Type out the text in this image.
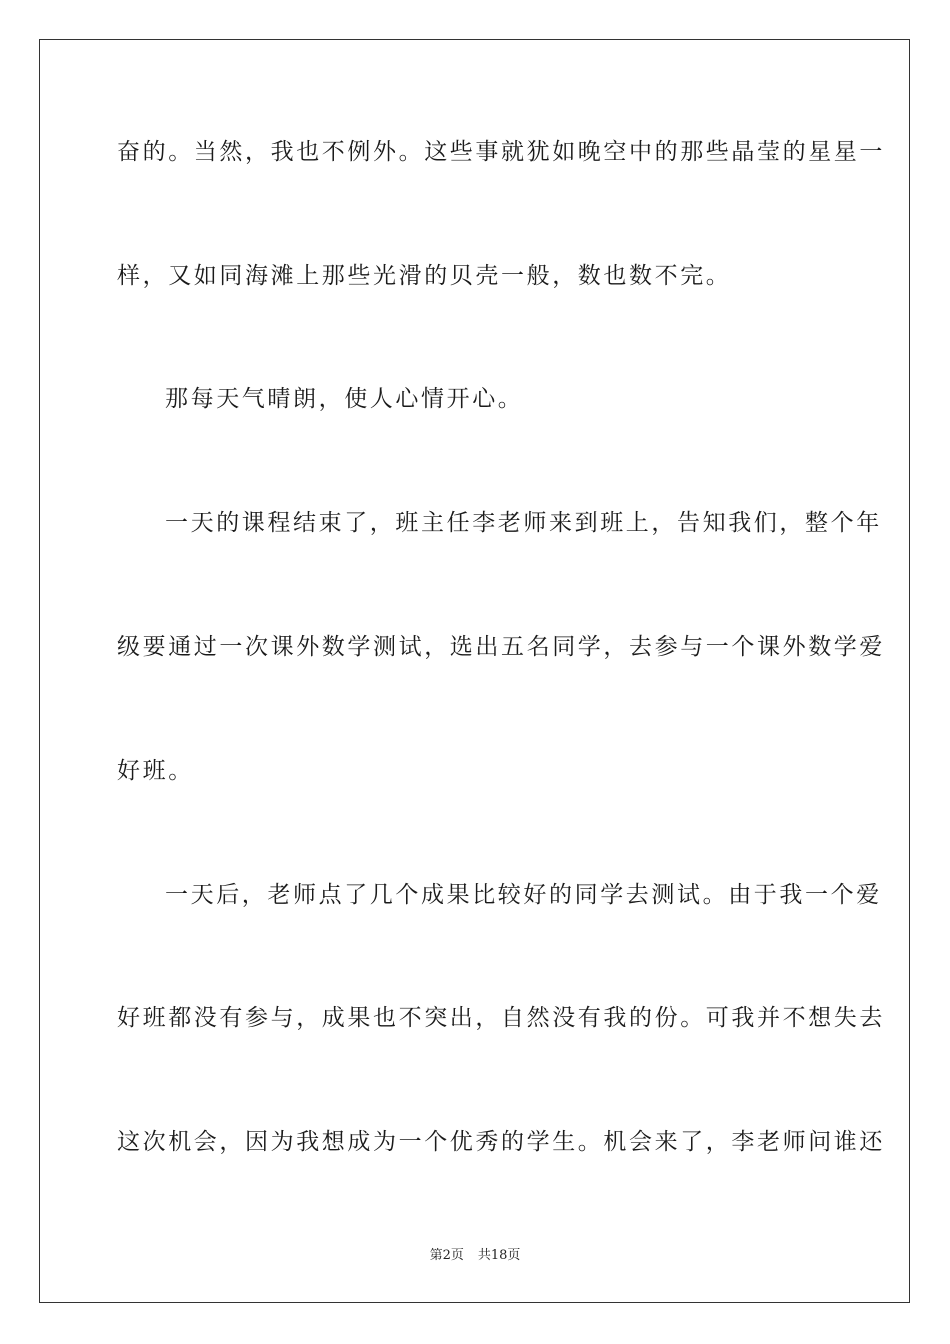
奋的。当然，我也不例外。这些事就犹如晚空中的那些晶莹的星星一
样，又如同海滩上那些光滑的贝壳一般，数也数不完。
那每天气晴朗，使人心情开心。
一天的课程结束了，班主任李老师来到班上，告知我们，整个年
级要通过一次课外数学测试，选出五名同学，去参与一个课外数学爱
好班。
一天后，老师点了几个成果比较好的同学去测试。由于我一个爱
好班都没有参与，成果也不突出，自然没有我的份。可我并不想失去
这次机会，因为我想成为一个优秀的学生。机会来了，李老师问谁还
第2页 共18页
